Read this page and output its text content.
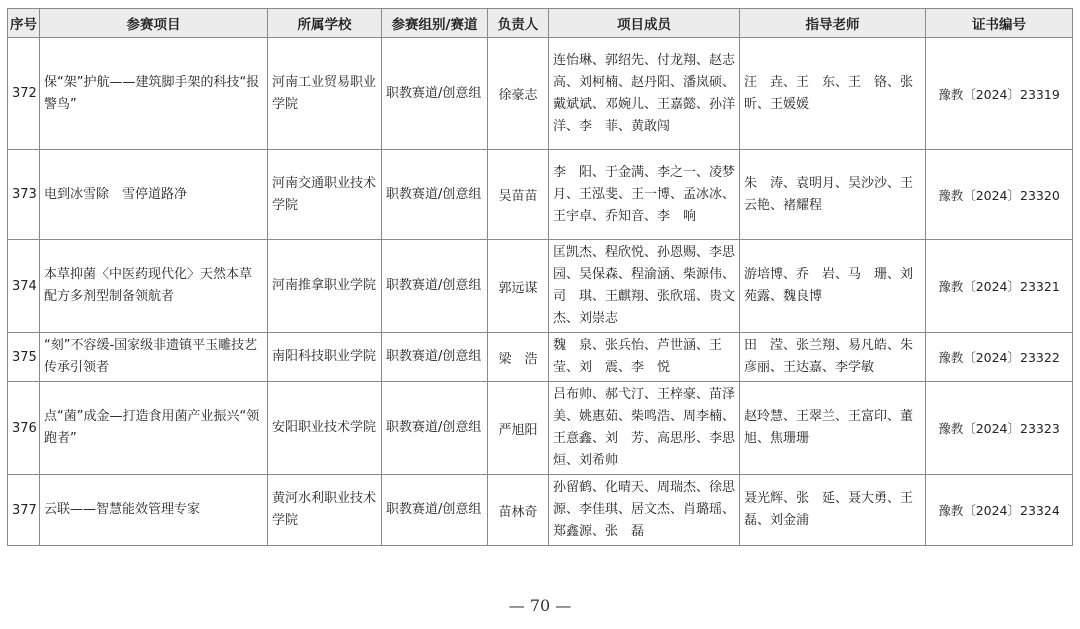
序号	参赛项目	所属学校	参赛组别/赛道	负责人	项目成员	指导老师	证书编号
372	保“架”护航——建筑脚手架的科技“报警鸟”	河南工业贸易职业学院	职教赛道/创意组	徐豪志	连怡琳、郭绍先、付龙翔、赵志高、刘柯楠、赵丹阳、潘岚硕、戴斌斌、邓婉儿、王嘉懿、孙洋洋、李　菲、黄敢闯	汪　垚、王　东、王　铬、张　昕、王媛媛	豫教〔2024〕23319
373	电到冰雪除　雪停道路净	河南交通职业技术学院	职教赛道/创意组	吴苗苗	李　阳、于金满、李之一、凌梦月、王泓斐、王一博、孟冰冰、王宇卓、乔知音、李　响	朱　涛、袁明月、吴沙沙、王云艳、褚耀程	豫教〔2024〕23320
374	本草抑菌〈中医药现代化〉天然本草配方多剂型制备领航者	河南推拿职业学院	职教赛道/创意组	郭远谋	匡凯杰、程欣悦、孙恩赐、李思园、吴保森、程渝涵、柴源伟、司　琪、王麒翔、张欣瑶、贵文杰、刘崇志	游培博、乔　岩、马　珊、刘苑露、魏良博	豫教〔2024〕23321
375	“刻”不容缓-国家级非遗镇平玉雕技艺传承引领者	南阳科技职业学院	职教赛道/创意组	梁　浩	魏　泉、张兵怡、芦世涵、王　莹、刘　震、李　悦	田　滢、张兰翔、易凡皓、朱彦丽、王达嘉、李学敏	豫教〔2024〕23322
376	点“菌”成金—打造食用菌产业振兴“领跑者”	安阳职业技术学院	职教赛道/创意组	严旭阳	吕布帅、郝弋汀、王梓豪、苗泽美、姚惠茹、柴鸣浩、周李楠、王意鑫、刘　芳、高思彤、李思烜、刘希帅	赵玲慧、王翠兰、王富印、董　旭、焦珊珊	豫教〔2024〕23323
377	云联——智慧能效管理专家	黄河水利职业技术学院	职教赛道/创意组	苗林奇	孙留鹤、化晴天、周瑞杰、徐思源、李佳琪、居文杰、肖璐瑶、郑鑫源、张　磊	聂光辉、张　延、聂大勇、王　磊、刘金浦	豫教〔2024〕23324
— 70 —
